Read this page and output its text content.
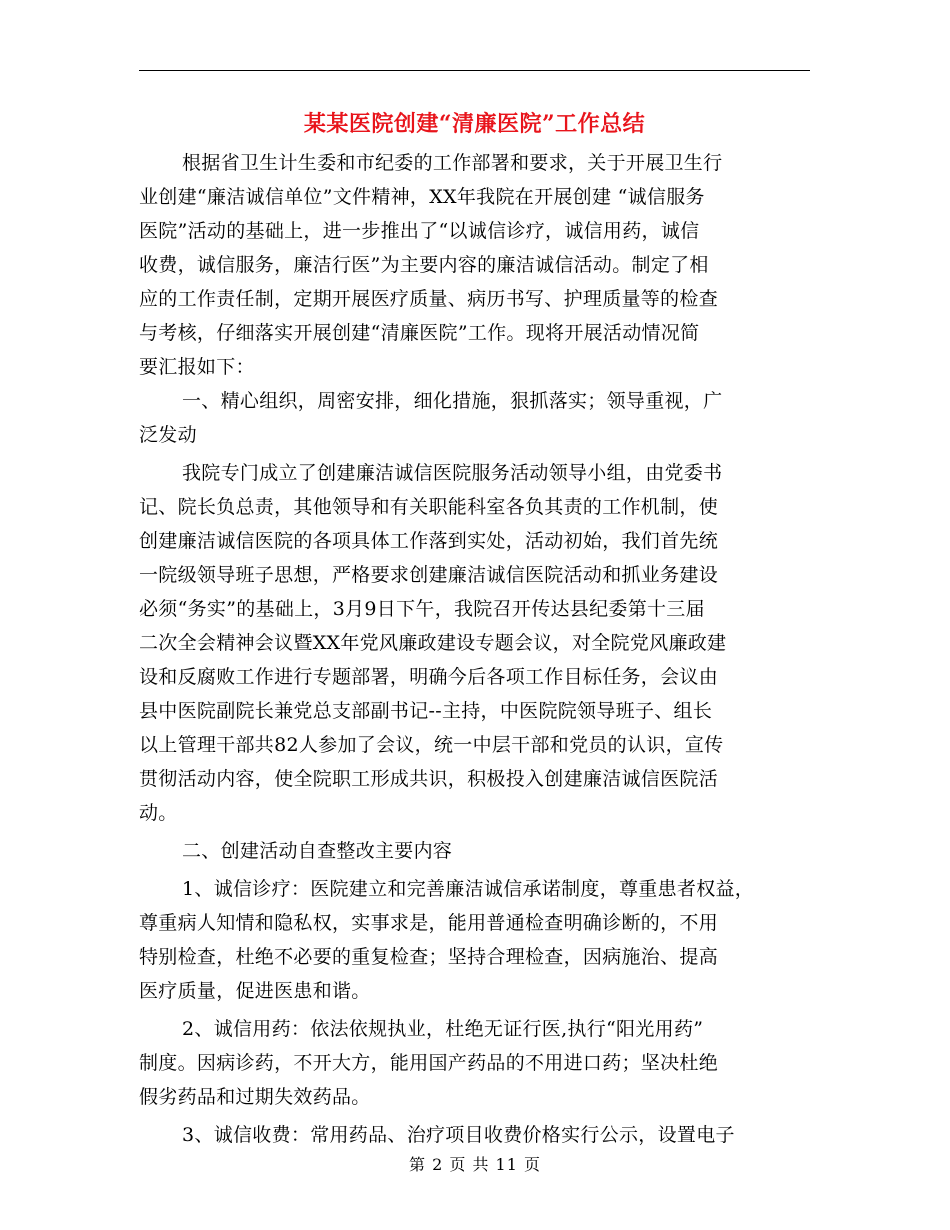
某某医院创建“清廉医院”工作总结
根据省卫生计生委和市纪委的工作部署和要求，关于开展卫生行
业创建“廉洁诚信单位”文件精神，XX年我院在开展创建 “诚信服务
医院”活动的基础上，进一步推出了“以诚信诊疗，诚信用药，诚信
收费，诚信服务，廉洁行医”为主要内容的廉洁诚信活动。制定了相
应的工作责任制，定期开展医疗质量、病历书写、护理质量等的检查
与考核，仔细落实开展创建“清廉医院”工作。现将开展活动情况简
要汇报如下：
一、精心组织，周密安排，细化措施，狠抓落实；领导重视，广
泛发动
我院专门成立了创建廉洁诚信医院服务活动领导小组，由党委书
记、院长负总责，其他领导和有关职能科室各负其责的工作机制，使
创建廉洁诚信医院的各项具体工作落到实处，活动初始，我们首先统
一院级领导班子思想，严格要求创建廉洁诚信医院活动和抓业务建设
必须“务实”的基础上，3月9日下午，我院召开传达县纪委第十三届
二次全会精神会议暨XX年党风廉政建设专题会议，对全院党风廉政建
设和反腐败工作进行专题部署，明确今后各项工作目标任务，会议由
县中医院副院长兼党总支部副书记--主持，中医院院领导班子、组长
以上管理干部共82人参加了会议，统一中层干部和党员的认识，宣传
贯彻活动内容，使全院职工形成共识，积极投入创建廉洁诚信医院活
动。
二、创建活动自查整改主要内容
1、诚信诊疗：医院建立和完善廉洁诚信承诺制度，尊重患者权益，
尊重病人知情和隐私权，实事求是，能用普通检查明确诊断的，不用
特别检查，杜绝不必要的重复检查；坚持合理检查，因病施治、提高
医疗质量，促进医患和谐。
2、诚信用药：依法依规执业，杜绝无证行医,执行“阳光用药”
制度。因病诊药，不开大方，能用国产药品的不用进口药；坚决杜绝
假劣药品和过期失效药品。
3、诚信收费：常用药品、治疗项目收费价格实行公示，设置电子
第 2 页 共 11 页
